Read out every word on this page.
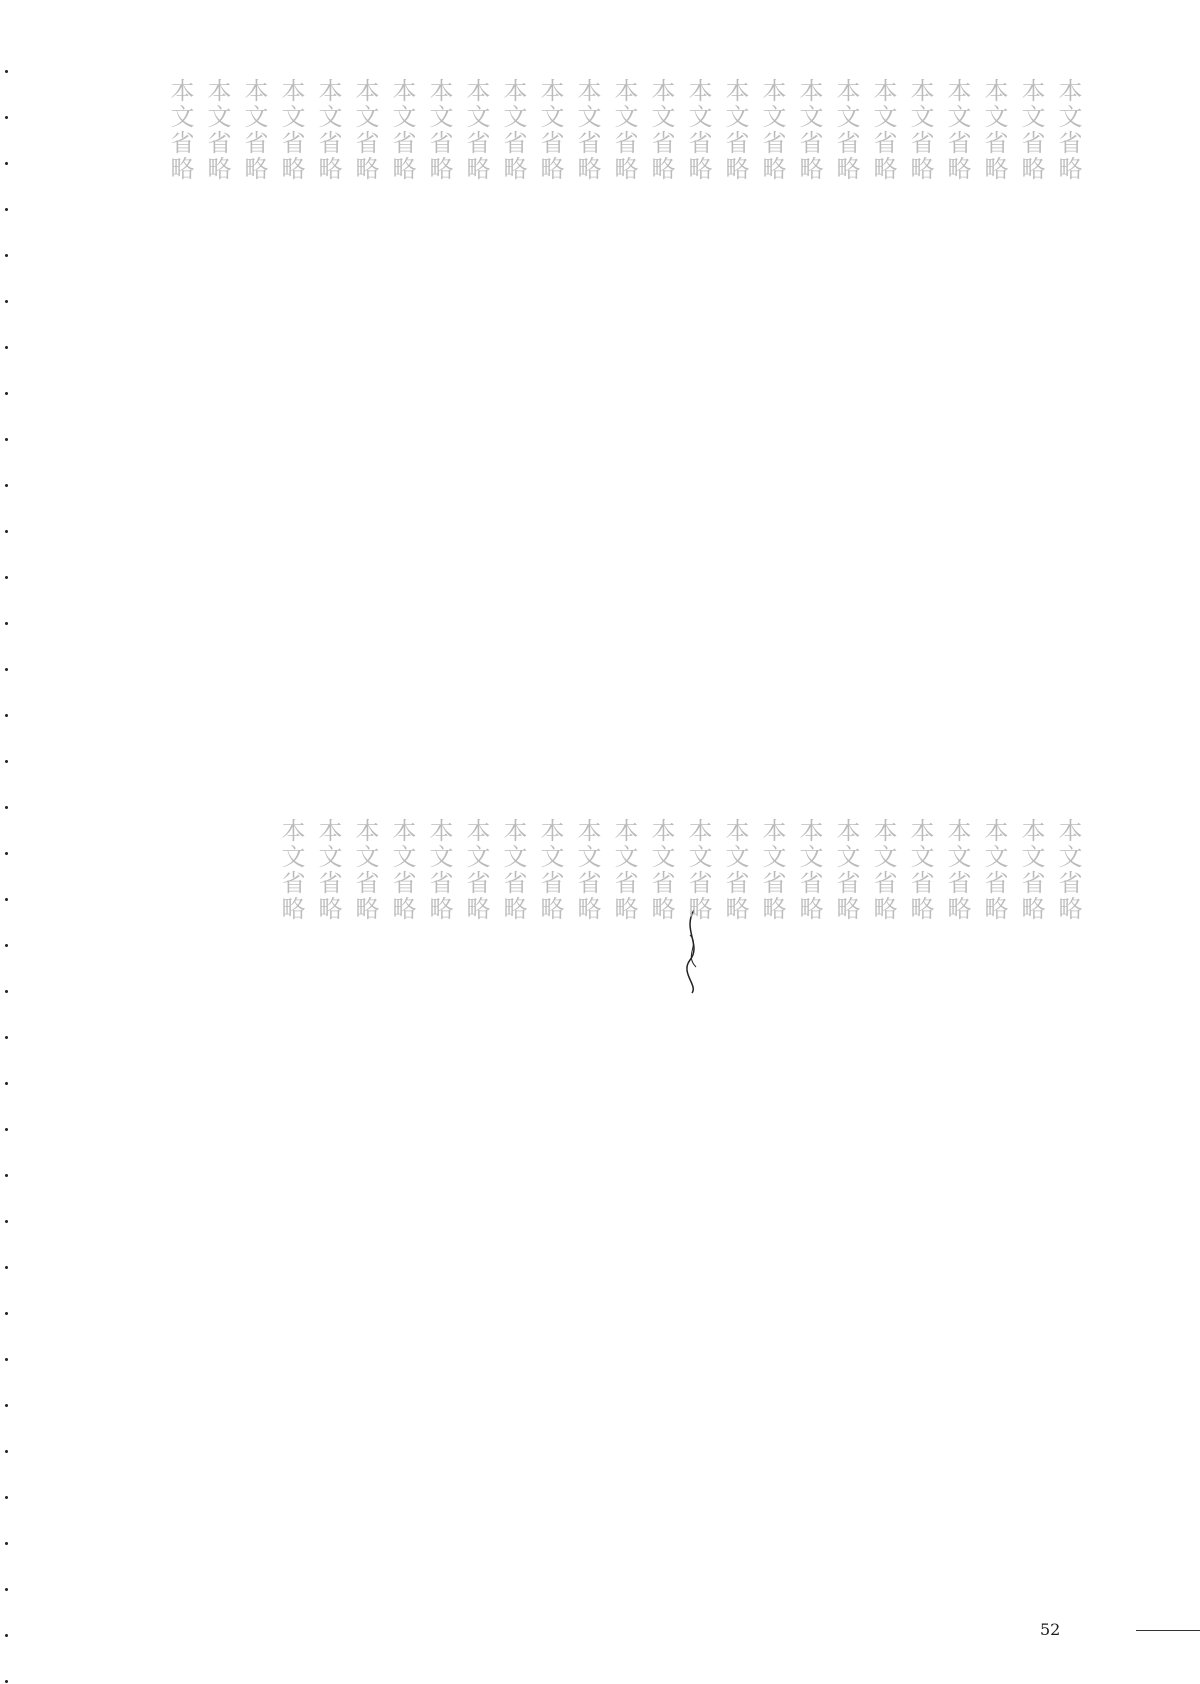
本文省略
本文省略
本文省略
本文省略
本文省略
本文省略
本文省略
本文省略
本文省略
本文省略
本文省略
本文省略
本文省略
本文省略
本文省略
本文省略
本文省略
本文省略
本文省略
本文省略
本文省略
本文省略
本文省略
本文省略
本文省略
本文省略
本文省略
本文省略
本文省略
本文省略
本文省略
本文省略
本文省略
本文省略
本文省略
本文省略
本文省略
本文省略
本文省略
本文省略
本文省略
本文省略
本文省略
本文省略
本文省略
本文省略
本文省略
52
